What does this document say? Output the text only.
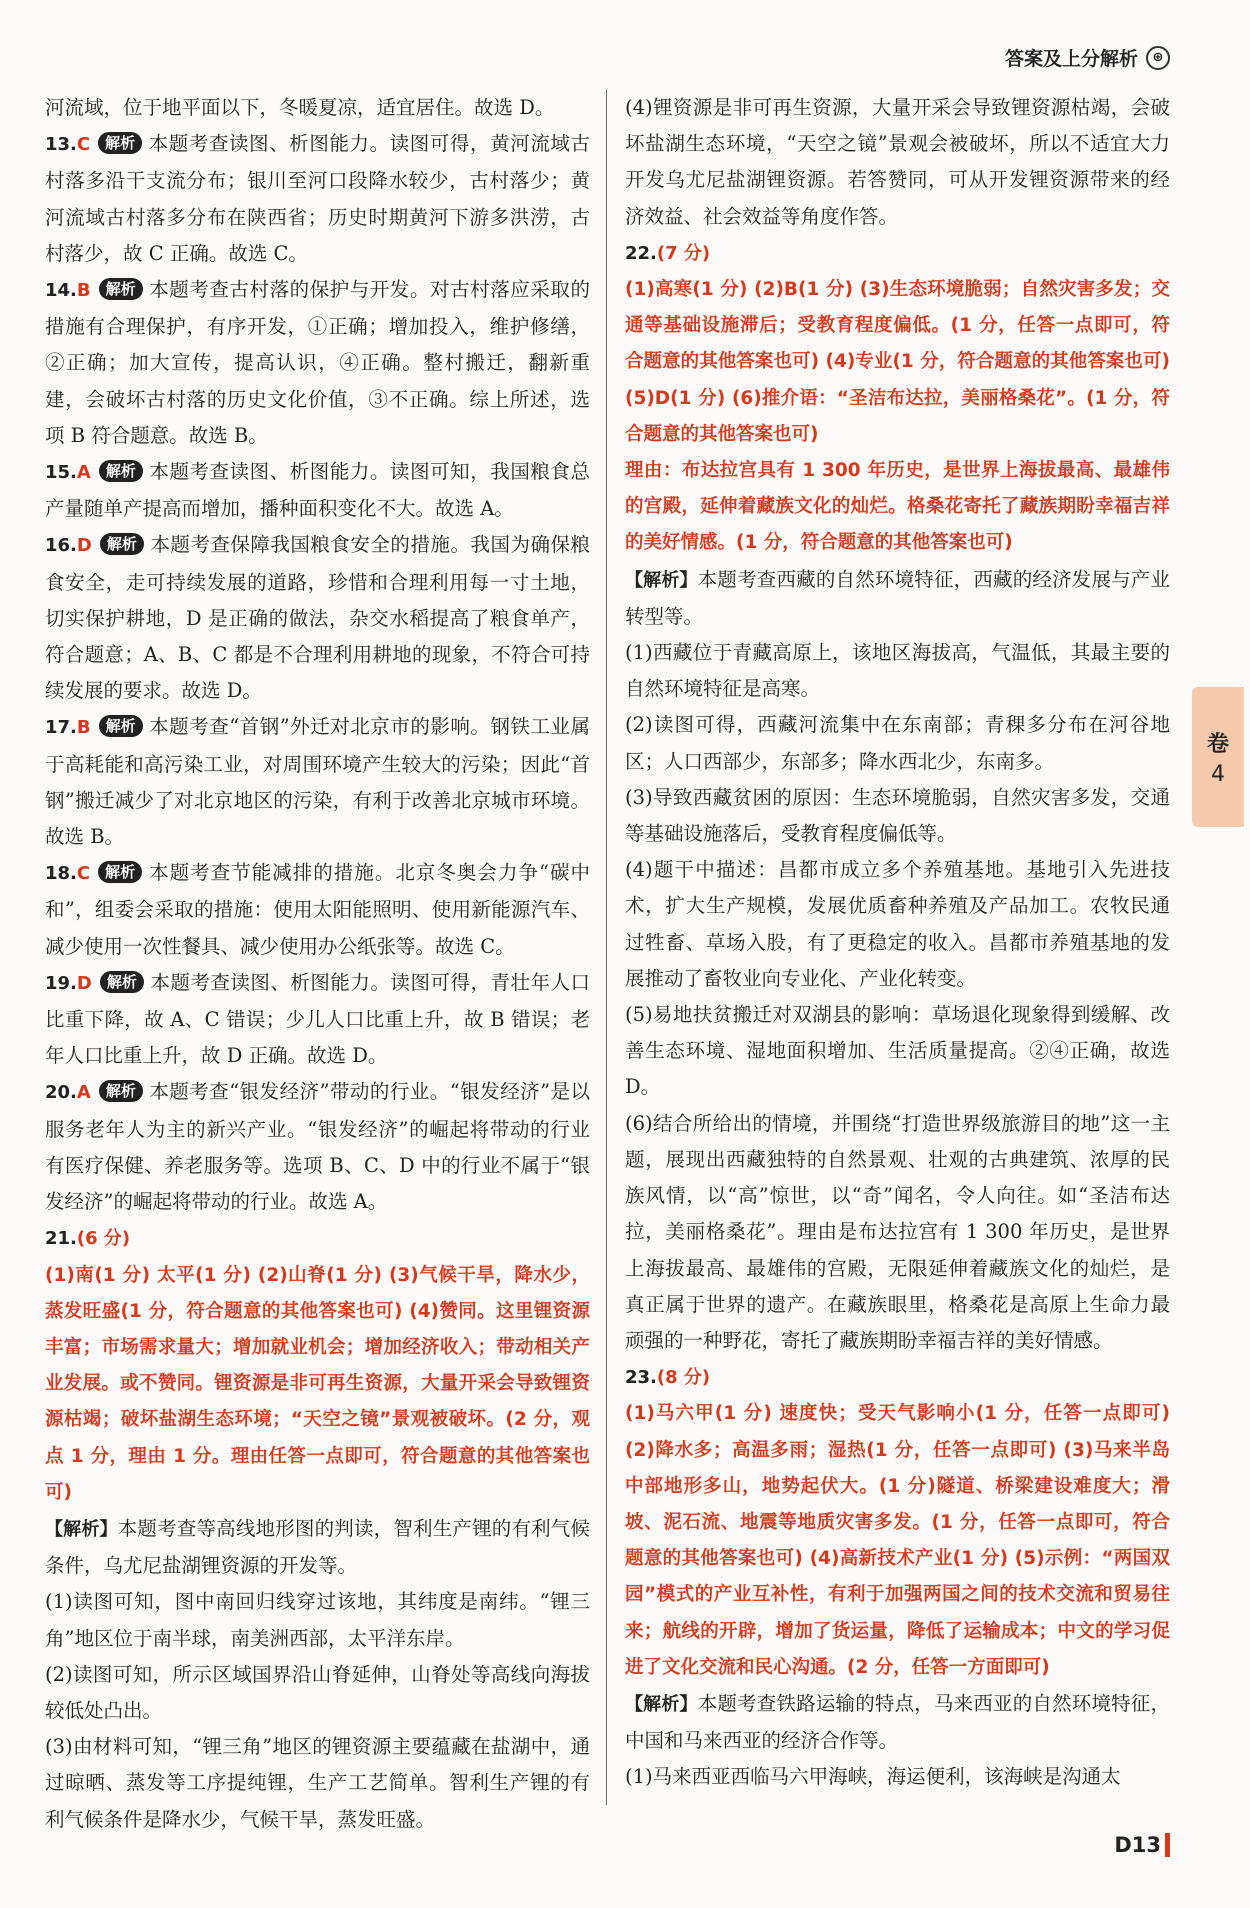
答案及上分解析	⊕

河流域，位于地平面以下，冬暖夏凉，适宜居住。故选 D。

13.C 解析 本题考查读图、析图能力。读图可得，黄河流域古村落多沿干支流分布；银川至河口段降水较少，古村落少；黄河流域古村落多分布在陕西省；历史时期黄河下游多洪涝，古村落少，故 C 正确。故选 C。

14.B 解析 本题考查古村落的保护与开发。对古村落应采取的措施有合理保护，有序开发，①正确；增加投入，维护修缮，②正确；加大宣传，提高认识，④正确。整村搬迁，翻新重建，会破坏古村落的历史文化价值，③不正确。综上所述，选项 B 符合题意。故选 B。

15.A 解析 本题考查读图、析图能力。读图可知，我国粮食总产量随单产提高而增加，播种面积变化不大。故选 A。

16.D 解析 本题考查保障我国粮食安全的措施。我国为确保粮食安全，走可持续发展的道路，珍惜和合理利用每一寸土地，切实保护耕地，D 是正确的做法，杂交水稻提高了粮食单产，符合题意；A、B、C 都是不合理利用耕地的现象，不符合可持续发展的要求。故选 D。

17.B 解析 本题考查“首钢”外迁对北京市的影响。钢铁工业属于高耗能和高污染工业，对周围环境产生较大的污染；因此“首钢”搬迁减少了对北京地区的污染，有利于改善北京城市环境。故选 B。

18.C 解析 本题考查节能减排的措施。北京冬奥会力争“碳中和”，组委会采取的措施：使用太阳能照明、使用新能源汽车、减少使用一次性餐具、减少使用办公纸张等。故选 C。

19.D 解析 本题考查读图、析图能力。读图可得，青壮年人口比重下降，故 A、C 错误；少儿人口比重上升，故 B 错误；老年人口比重上升，故 D 正确。故选 D。

20.A 解析 本题考查“银发经济”带动的行业。“银发经济”是以服务老年人为主的新兴产业。“银发经济”的崛起将带动的行业有医疗保健、养老服务等。选项 B、C、D 中的行业不属于“银发经济”的崛起将带动的行业。故选 A。

21.(6 分)

(1)南(1 分) 太平(1 分) (2)山脊(1 分) (3)气候干旱，降水少，蒸发旺盛(1 分，符合题意的其他答案也可) (4)赞同。这里锂资源丰富；市场需求量大；增加就业机会；增加经济收入；带动相关产业发展。或不赞同。锂资源是非可再生资源，大量开采会导致锂资源枯竭；破坏盐湖生态环境；“天空之镜”景观被破坏。(2 分，观点 1 分，理由 1 分。理由任答一点即可，符合题意的其他答案也可)

【解析】本题考查等高线地形图的判读，智利生产锂的有利气候条件，乌尤尼盐湖锂资源的开发等。

(1)读图可知，图中南回归线穿过该地，其纬度是南纬。“锂三角”地区位于南半球，南美洲西部，太平洋东岸。

(2)读图可知，所示区域国界沿山脊延伸，山脊处等高线向海拔较低处凸出。

(3)由材料可知，“锂三角”地区的锂资源主要蕴藏在盐湖中，通过晾晒、蒸发等工序提纯锂，生产工艺简单。智利生产锂的有利气候条件是降水少，气候干旱，蒸发旺盛。

(4)锂资源是非可再生资源，大量开采会导致锂资源枯竭，会破坏盐湖生态环境，“天空之镜”景观会被破坏，所以不适宜大力开发乌尤尼盐湖锂资源。若答赞同，可从开发锂资源带来的经济效益、社会效益等角度作答。

22.(7 分)

(1)高寒(1 分) (2)B(1 分) (3)生态环境脆弱；自然灾害多发；交通等基础设施滞后；受教育程度偏低。(1 分，任答一点即可，符合题意的其他答案也可) (4)专业(1 分，符合题意的其他答案也可) (5)D(1 分) (6)推介语：“圣洁布达拉，美丽格桑花”。(1 分，符合题意的其他答案也可)

理由：布达拉宫具有 1 300 年历史，是世界上海拔最高、最雄伟的宫殿，延伸着藏族文化的灿烂。格桑花寄托了藏族期盼幸福吉祥的美好情感。(1 分，符合题意的其他答案也可)

【解析】本题考查西藏的自然环境特征，西藏的经济发展与产业转型等。

(1)西藏位于青藏高原上，该地区海拔高，气温低，其最主要的自然环境特征是高寒。

(2)读图可得，西藏河流集中在东南部；青稞多分布在河谷地区；人口西部少，东部多；降水西北少，东南多。

(3)导致西藏贫困的原因：生态环境脆弱，自然灾害多发，交通等基础设施落后，受教育程度偏低等。

(4)题干中描述：昌都市成立多个养殖基地。基地引入先进技术，扩大生产规模，发展优质畜种养殖及产品加工。农牧民通过牲畜、草场入股，有了更稳定的收入。昌都市养殖基地的发展推动了畜牧业向专业化、产业化转变。

(5)易地扶贫搬迁对双湖县的影响：草场退化现象得到缓解、改善生态环境、湿地面积增加、生活质量提高。②④正确，故选 D。

(6)结合所给出的情境，并围绕“打造世界级旅游目的地”这一主题，展现出西藏独特的自然景观、壮观的古典建筑、浓厚的民族风情，以“高”惊世，以“奇”闻名，令人向往。如“圣洁布达拉，美丽格桑花”。理由是布达拉宫有 1 300 年历史，是世界上海拔最高、最雄伟的宫殿，无限延伸着藏族文化的灿烂，是真正属于世界的遗产。在藏族眼里，格桑花是高原上生命力最顽强的一种野花，寄托了藏族期盼幸福吉祥的美好情感。

23.(8 分)

(1)马六甲(1 分) 速度快；受天气影响小(1 分，任答一点即可) (2)降水多；高温多雨；湿热(1 分，任答一点即可) (3)马来半岛中部地形多山，地势起伏大。(1 分)隧道、桥梁建设难度大；滑坡、泥石流、地震等地质灾害多发。(1 分，任答一点即可，符合题意的其他答案也可) (4)高新技术产业(1 分) (5)示例：“两国双园”模式的产业互补性，有利于加强两国之间的技术交流和贸易往来；航线的开辟，增加了货运量，降低了运输成本；中文的学习促进了文化交流和民心沟通。(2 分，任答一方面即可)

【解析】本题考查铁路运输的特点，马来西亚的自然环境特征，中国和马来西亚的经济合作等。

(1)马来西亚西临马六甲海峡，海运便利，该海峡是沟通太

卷
4
D13
